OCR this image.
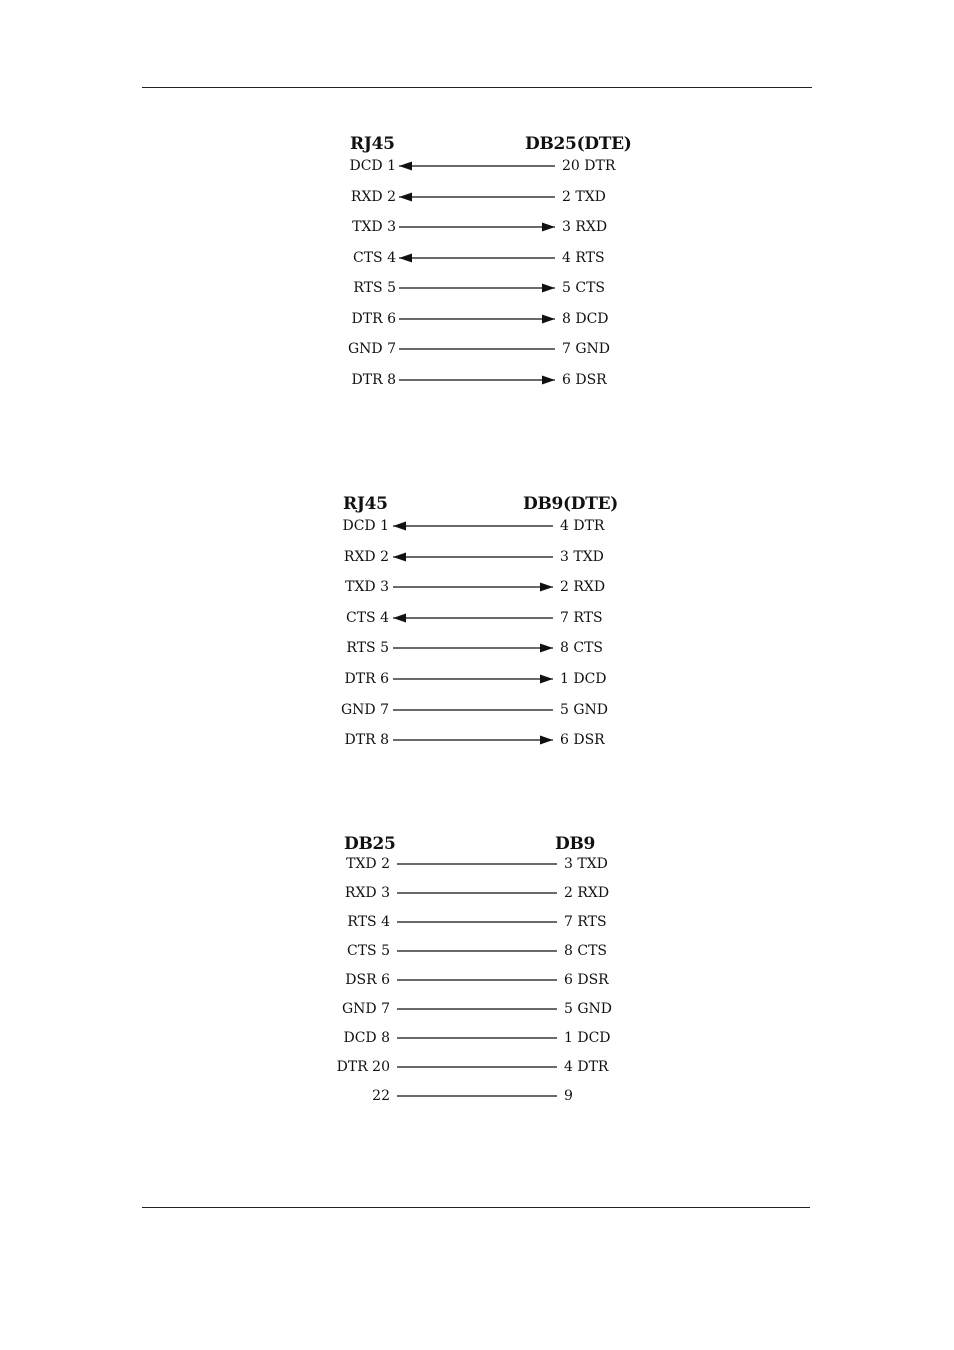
RJ45	DB25(DTE)
DCD 1	20 DTR
RXD 2	2 TXD
TXD 3	3 RXD
CTS 4	4 RTS
RTS 5	5 CTS
DTR 6	8 DCD
GND 7	7 GND
DTR 8	6 DSR
RJ45	DB9(DTE)
DCD 1	4 DTR
RXD 2	3 TXD
TXD 3	2 RXD
CTS 4	7 RTS
RTS 5	8 CTS
DTR 6	1 DCD
GND 7	5 GND
DTR 8	6 DSR
DB25	DB9
TXD 2	3 TXD
RXD 3	2 RXD
RTS 4	7 RTS
CTS 5	8 CTS
DSR 6	6 DSR
GND 7	5 GND
DCD 8	1 DCD
DTR 20	4 DTR
22	9
